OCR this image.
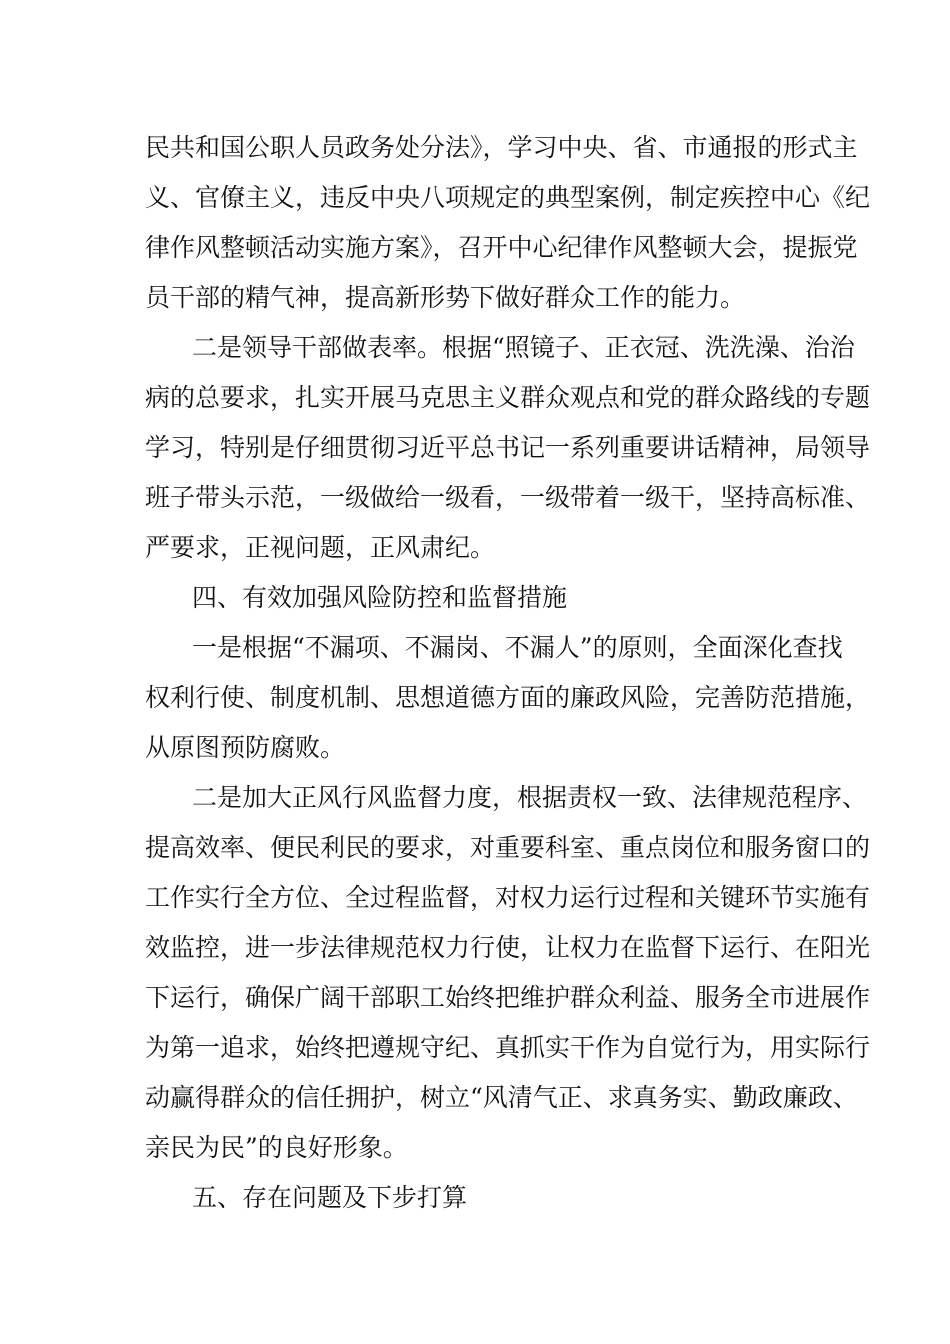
民共和国公职人员政务处分法》，学习中央、省、市通报的形式主
义、官僚主义，违反中央八项规定的典型案例，制定疾控中心《纪
律作风整顿活动实施方案》，召开中心纪律作风整顿大会，提振党
员干部的精气神，提高新形势下做好群众工作的能力。
二是领导干部做表率。根据“照镜子、正衣冠、洗洗澡、治治
病的总要求，扎实开展马克思主义群众观点和党的群众路线的专题
学习，特别是仔细贯彻习近平总书记一系列重要讲话精神，局领导
班子带头示范，一级做给一级看，一级带着一级干，坚持高标准、
严要求，正视问题，正风肃纪。
四、有效加强风险防控和监督措施
一是根据“不漏项、不漏岗、不漏人”的原则，全面深化查找
权利行使、制度机制、思想道德方面的廉政风险，完善防范措施，
从原图预防腐败。
二是加大正风行风监督力度，根据责权一致、法律规范程序、
提高效率、便民利民的要求，对重要科室、重点岗位和服务窗口的
工作实行全方位、全过程监督，对权力运行过程和关键环节实施有
效监控，进一步法律规范权力行使，让权力在监督下运行、在阳光
下运行，确保广阔干部职工始终把维护群众利益、服务全市进展作
为第一追求，始终把遵规守纪、真抓实干作为自觉行为，用实际行
动赢得群众的信任拥护，树立“风清气正、求真务实、勤政廉政、
亲民为民”的良好形象。
五、存在问题及下步打算
